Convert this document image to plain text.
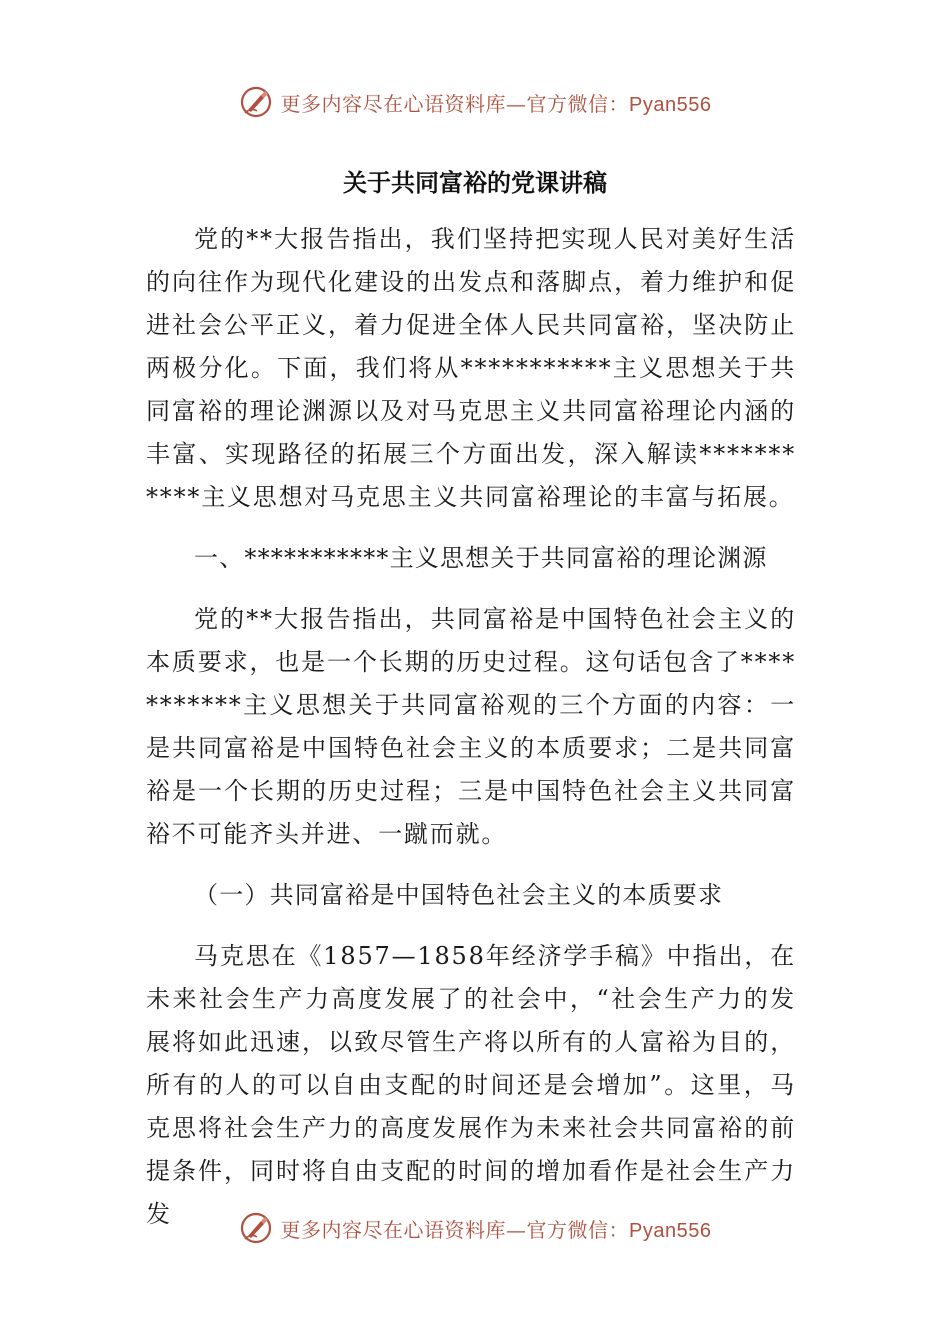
更多内容尽在心语资料库—官方微信：Pyan556
关于共同富裕的党课讲稿

党的**大报告指出，我们坚持把实现人民对美好生活的向往作为现代化建设的出发点和落脚点，着力维护和促进社会公平正义，着力促进全体人民共同富裕，坚决防止两极分化。下面，我们将从***********主义思想关于共同富裕的理论渊源以及对马克思主义共同富裕理论内涵的丰富、实现路径的拓展三个方面出发，深入解读***********主义思想对马克思主义共同富裕理论的丰富与拓展。

一、***********主义思想关于共同富裕的理论渊源

党的**大报告指出，共同富裕是中国特色社会主义的本质要求，也是一个长期的历史过程。这句话包含了***********主义思想关于共同富裕观的三个方面的内容：一是共同富裕是中国特色社会主义的本质要求；二是共同富裕是一个长期的历史过程；三是中国特色社会主义共同富裕不可能齐头并进、一蹴而就。

（一）共同富裕是中国特色社会主义的本质要求

马克思在《1857—1858年经济学手稿》中指出，在未来社会生产力高度发展了的社会中，“社会生产力的发展将如此迅速，以致尽管生产将以所有的人富裕为目的，所有的人的可以自由支配的时间还是会增加”。这里，马克思将社会生产力的高度发展作为未来社会共同富裕的前提条件，同时将自由支配的时间的增加看作是社会生产力发

更多内容尽在心语资料库—官方微信：Pyan556
